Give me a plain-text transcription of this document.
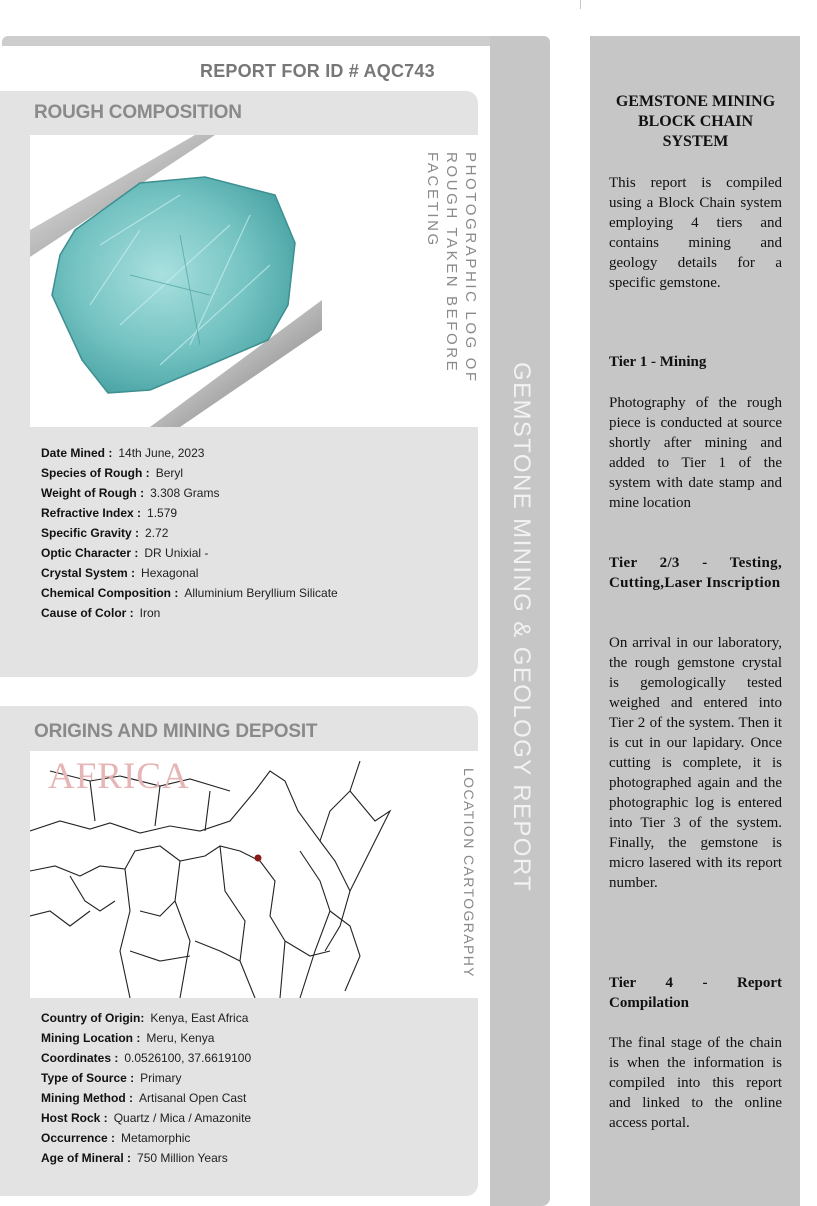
REPORT FOR ID # AQC743
ROUGH COMPOSITION
PHOTOGRAPHIC LOG OF ROUGH TAKEN BEFORE FACETING
Date Mined : 14th June, 2023
Species of Rough : Beryl
Weight of Rough : 3.308 Grams
Refractive Index : 1.579
Specific Gravity : 2.72
Optic Character : DR Unixial -
Crystal System : Hexagonal
Chemical Composition : Alluminium Beryllium Silicate
Cause of Color : Iron
ORIGINS AND MINING DEPOSIT
AFRICA	LOCATION CARTOGRAPHY
Country of Origin: Kenya, East Africa
Mining Location : Meru, Kenya
Coordinates : 0.0526100, 37.6619100
Type of Source : Primary
Mining Method : Artisanal Open Cast
Host Rock : Quartz / Mica / Amazonite
Occurrence : Metamorphic
Age of Mineral : 750 Million Years
GEMSTONE MINING & GEOLOGY REPORT
GEMSTONE MINING BLOCK CHAIN SYSTEM
This report is compiled using a Block Chain system employing 4 tiers and contains mining and geology details for a specific gemstone.
Tier 1 - Mining
Photography of the rough piece is conducted at source shortly after mining and added to Tier 1 of the system with date stamp and mine location
Tier 2/3 - Testing, Cutting,Laser Inscription
On arrival in our laboratory, the rough gemstone crystal is gemologically tested weighed and entered into Tier 2 of the system. Then it is cut in our lapidary. Once cutting is complete, it is photographed again and the photographic log is entered into Tier 3 of the system. Finally, the gemstone is micro lasered with its report number.
Tier 4 - Report Compilation
The final stage of the chain is when the information is compiled into this report and linked to the online access portal.
